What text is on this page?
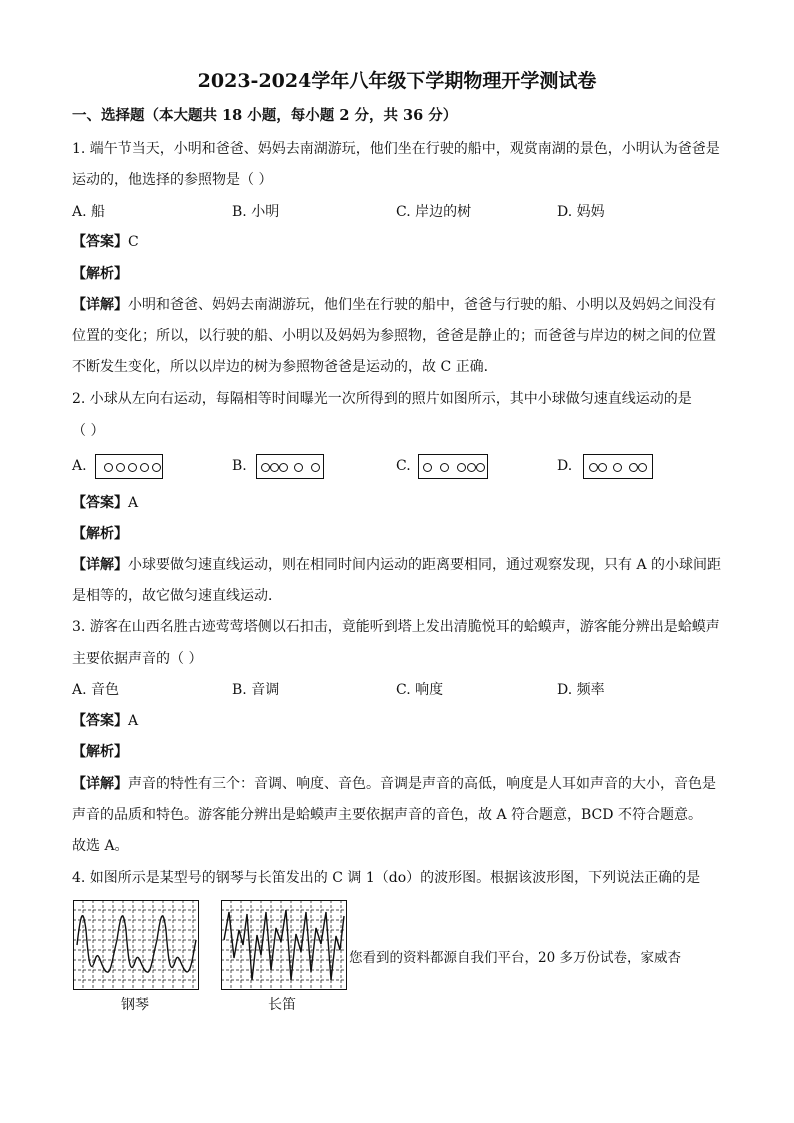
2023-2024学年八年级下学期物理开学测试卷
一、选择题（本大题共 18 小题，每小题 2 分，共 36 分）
1. 端午节当天，小明和爸爸、妈妈去南湖游玩，他们坐在行驶的船中，观赏南湖的景色，小明认为爸爸是
运动的，他选择的参照物是（ ）
A. 船	B. 小明	C. 岸边的树	D. 妈妈
【答案】C
【解析】
【详解】小明和爸爸、妈妈去南湖游玩，他们坐在行驶的船中，爸爸与行驶的船、小明以及妈妈之间没有
位置的变化；所以，以行驶的船、小明以及妈妈为参照物，爸爸是静止的；而爸爸与岸边的树之间的位置
不断发生变化，所以以岸边的树为参照物爸爸是运动的，故 C 正确．
2. 小球从左向右运动，每隔相等时间曝光一次所得到的照片如图所示，其中小球做匀速直线运动的是
（ ）
A.	B.	C.	D.
【答案】A
【解析】
【详解】小球要做匀速直线运动，则在相同时间内运动的距离要相同，通过观察发现，只有 A 的小球间距
是相等的，故它做匀速直线运动．
3. 游客在山西名胜古迹莺莺塔侧以石扣击，竟能听到塔上发出清脆悦耳的蛤蟆声，游客能分辨出是蛤蟆声
主要依据声音的（ ）
A. 音色	B. 音调	C. 响度	D. 频率
【答案】A
【解析】
【详解】声音的特性有三个：音调、响度、音色。音调是声音的高低，响度是人耳如声音的大小，音色是
声音的品质和特色。游客能分辨出是蛤蟆声主要依据声音的音色，故 A 符合题意，BCD 不符合题意。
故选 A。
4. 如图所示是某型号的钢琴与长笛发出的 C 调 1（do）的波形图。根据该波形图，下列说法正确的是
钢琴	长笛
您看到的资料都源自我们平台，20 多万份试卷，家威杏
